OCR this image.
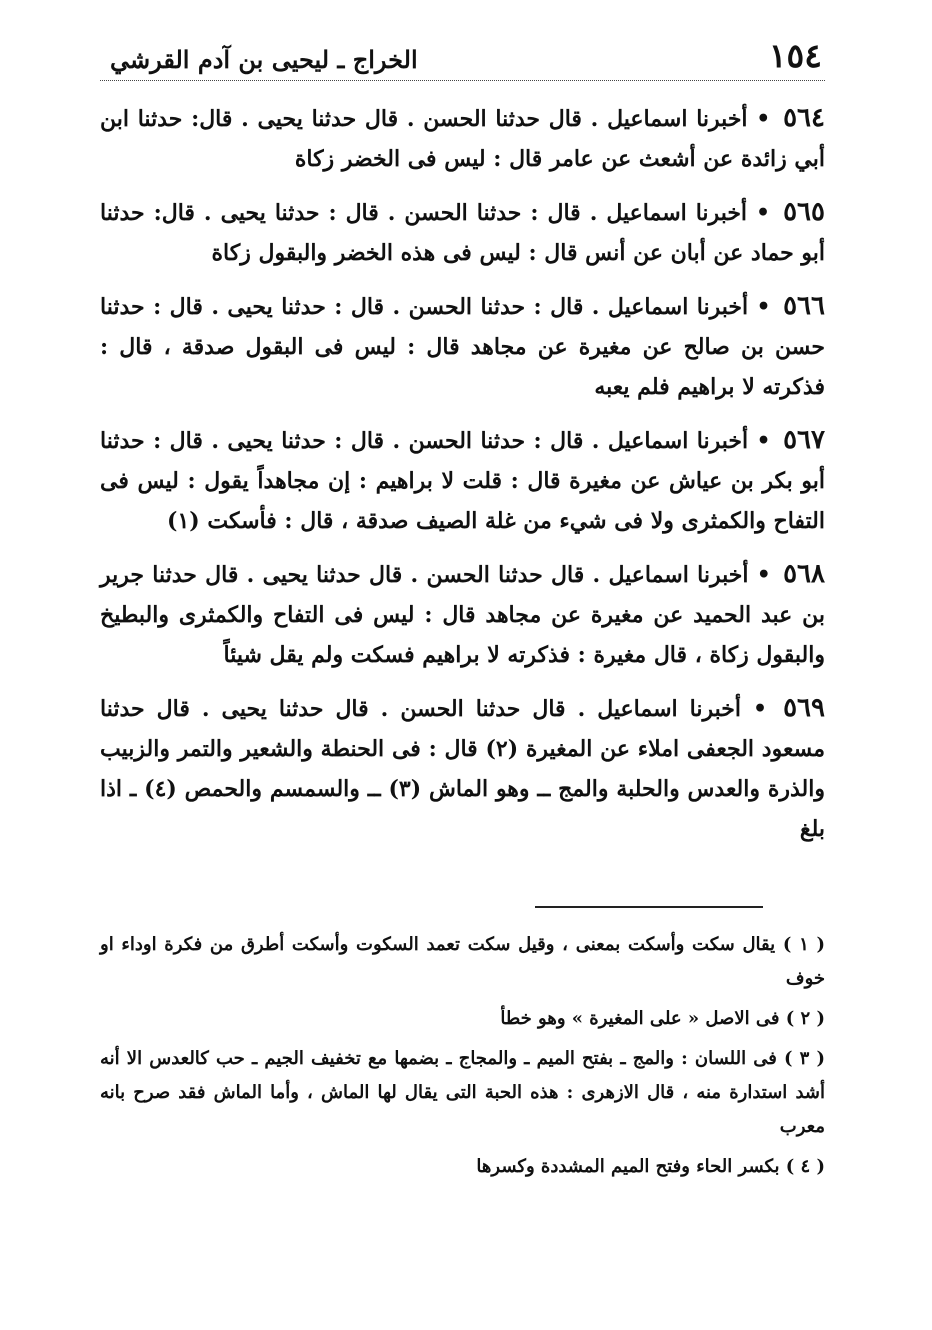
١٥٤
الخراج ـ ليحيى بن آدم القرشي

٥٦٤ • أخبرنا اسماعيل . قال حدثنا الحسن . قال حدثنا يحيى . قال: حدثنا ابن أبي زائدة عن أشعث عن عامر قال : ليس فى الخضر زكاة

٥٦٥ • أخبرنا اسماعيل . قال : حدثنا الحسن . قال : حدثنا يحيى . قال: حدثنا أبو حماد عن أبان عن أنس قال : ليس فى هذه الخضر والبقول زكاة

٥٦٦ • أخبرنا اسماعيل . قال : حدثنا الحسن . قال : حدثنا يحيى . قال : حدثنا حسن بن صالح عن مغيرة عن مجاهد قال : ليس فى البقول صدقة ، قال : فذكرته لا براهيم فلم يعبه

٥٦٧ • أخبرنا اسماعيل . قال : حدثنا الحسن . قال : حدثنا يحيى . قال : حدثنا أبو بكر بن عياش عن مغيرة قال : قلت لا براهيم : إن مجاهداً يقول : ليس فى التفاح والكمثرى ولا فى شيء من غلة الصيف صدقة ، قال : فأسكت (١)

٥٦٨ • أخبرنا اسماعيل . قال حدثنا الحسن . قال حدثنا يحيى . قال حدثنا جرير بن عبد الحميد عن مغيرة عن مجاهد قال : ليس فى التفاح والكمثرى والبطيخ والبقول زكاة ، قال مغيرة : فذكرته لا براهيم فسكت ولم يقل شيئاً

٥٦٩ • أخبرنا اسماعيل . قال حدثنا الحسن . قال حدثنا يحيى . قال حدثنا مسعود الجعفى املاء عن المغيرة (٢) قال : فى الحنطة والشعير والتمر والزبيب والذرة والعدس والحلبة والمج ــ وهو الماش (٣) ــ والسمسم والحمص (٤) ـ اذا بلغ

( ١ ) يقال سكت وأسكت بمعنى ، وقيل سكت تعمد السكوت وأسكت أطرق من فكرة اوداء او خوف

( ٢ ) فى الاصل « على المغيرة » وهو خطأ

( ٣ ) فى اللسان : والمج ـ بفتح الميم ـ والمجاج ـ بضمها مع تخفيف الجيم ـ حب كالعدس الا أنه أشد استدارة منه ، قال الازهرى : هذه الحبة التى يقال لها الماش ، وأما الماش فقد صرح بانه معرب

( ٤ ) بكسر الحاء وفتح الميم المشددة وكسرها
